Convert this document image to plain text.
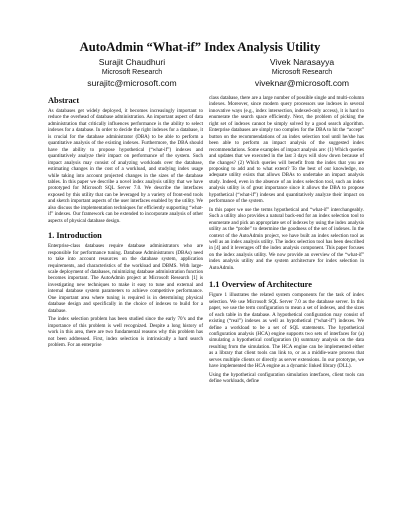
AutoAdmin “What-if” Index Analysis Utility
Surajit Chaudhuri
Microsoft Research
surajitc@microsoft.com
Vivek Narasayya
Microsoft Research
viveknar@microsoft.com
Abstract

As databases get widely deployed, it becomes increasingly important to reduce the overhead of database administration. An important aspect of data administration that critically influences performance is the ability to select indexes for a database. In order to decide the right indexes for a database, it is crucial for the database administrator (DBA) to be able to perform a quantitative analysis of the existing indexes. Furthermore, the DBA should have the ability to propose hypothetical (“what-if”) indexes and quantitatively analyze their impact on performance of the system. Such impact analysis may consist of analyzing workloads over the database, estimating changes in the cost of a workload, and studying index usage while taking into account projected changes in the sizes of the database tables. In this paper we describe a novel index analysis utility that we have prototyped for Microsoft SQL Server 7.0. We describe the interfaces exposed by this utility that can be leveraged by a variety of front-end tools and sketch important aspects of the user interfaces enabled by the utility. We also discuss the implementation techniques for efficiently supporting “what-if” indexes. Our framework can be extended to incorporate analysis of other aspects of physical database design.

1. Introduction

Enterprise-class databases require database administrators who are responsible for performance tuning. Database Administrators (DBAs) need to take into account resources on the database system, application requirements, and characteristics of the workload and DBMS. With large-scale deployment of databases, minimizing database administration function becomes important. The AutoAdmin project at Microsoft Research [1] is investigating new techniques to make it easy to tune and external and internal database system parameters to achieve competitive performance. One important area where tuning is required is in determining physical database design and specifically in the choice of indexes to build for a database.

The index selection problem has been studied since the early 70’s and the importance of this problem is well recognized. Despite a long history of work in this area, there are two fundamental reasons why this problem has not been addressed. First, index selection is intrinsically a hard search problem. For an enterprise

class database, there are a large number of possible single and multi-column indexes. Moreover, since modern query processors use indexes in several innovative ways (e.g., index intersection, indexed-only access), it is hard to enumerate the search space efficiently. Next, the problem of picking the right set of indexes cannot be simply solved by a good search algorithm. Enterprise databases are simply too complex for the DBA to hit the “accept” button on the recommendations of an index selection tool until he/she has been able to perform an impact analysis of the suggested index recommendations. Some examples of impact analysis are: (1) Which queries and updates that we executed in the last 3 days will slow down because of the changes? (2) Which queries will benefit from the index that you are proposing to add and to what extent? To the best of our knowledge, no adequate utility exists that allows DBAs to undertake an impact analysis study. Indeed, even in the absence of an index selection tool, such an index analysis utility is of great importance since it allows the DBA to propose hypothetical (“what-if”) indexes and quantitatively analyze their impact on performance of the system.

In this paper we use the terms hypothetical and “what-if” interchangeably. Such a utility also provides a natural back-end for an index selection tool to enumerate and pick an appropriate set of indexes by using the index analysis utility as the “probe” to determine the goodness of the set of indexes. In the context of the AutoAdmin project, we have built an index selection tool as well as an index analysis utility. The index selection tool has been described in [4] and it leverages off the index analysis component. This paper focuses on the index analysis utility. We now provide an overview of the “what-if” index analysis utility and the system architecture for index selection in AutoAdmin.

1.1 Overview of Architecture

Figure 1 illustrates the related system components for the task of index selection. We use Microsoft SQL Server 7.0 as the database server. In this paper, we use the term configuration to mean a set of indexes, and the sizes of each table in the database. A hypothetical configuration may consist of existing (“real”) indexes as well as hypothetical (“what-if”) indexes. We define a workload to be a set of SQL statements. The hypothetical configuration analysis (HCA) engine supports two sets of interfaces for (a) simulating a hypothetical configuration (b) summary analysis on the data resulting from the simulation. The HCA engine can be implemented either as a library that client tools can link to, or as a middle-ware process that serves multiple clients or directly as server extensions. In our prototype, we have implemented the HCA engine as a dynamic linked library (DLL).

Using the hypothetical configuration simulation interfaces, client tools can define workloads, define
